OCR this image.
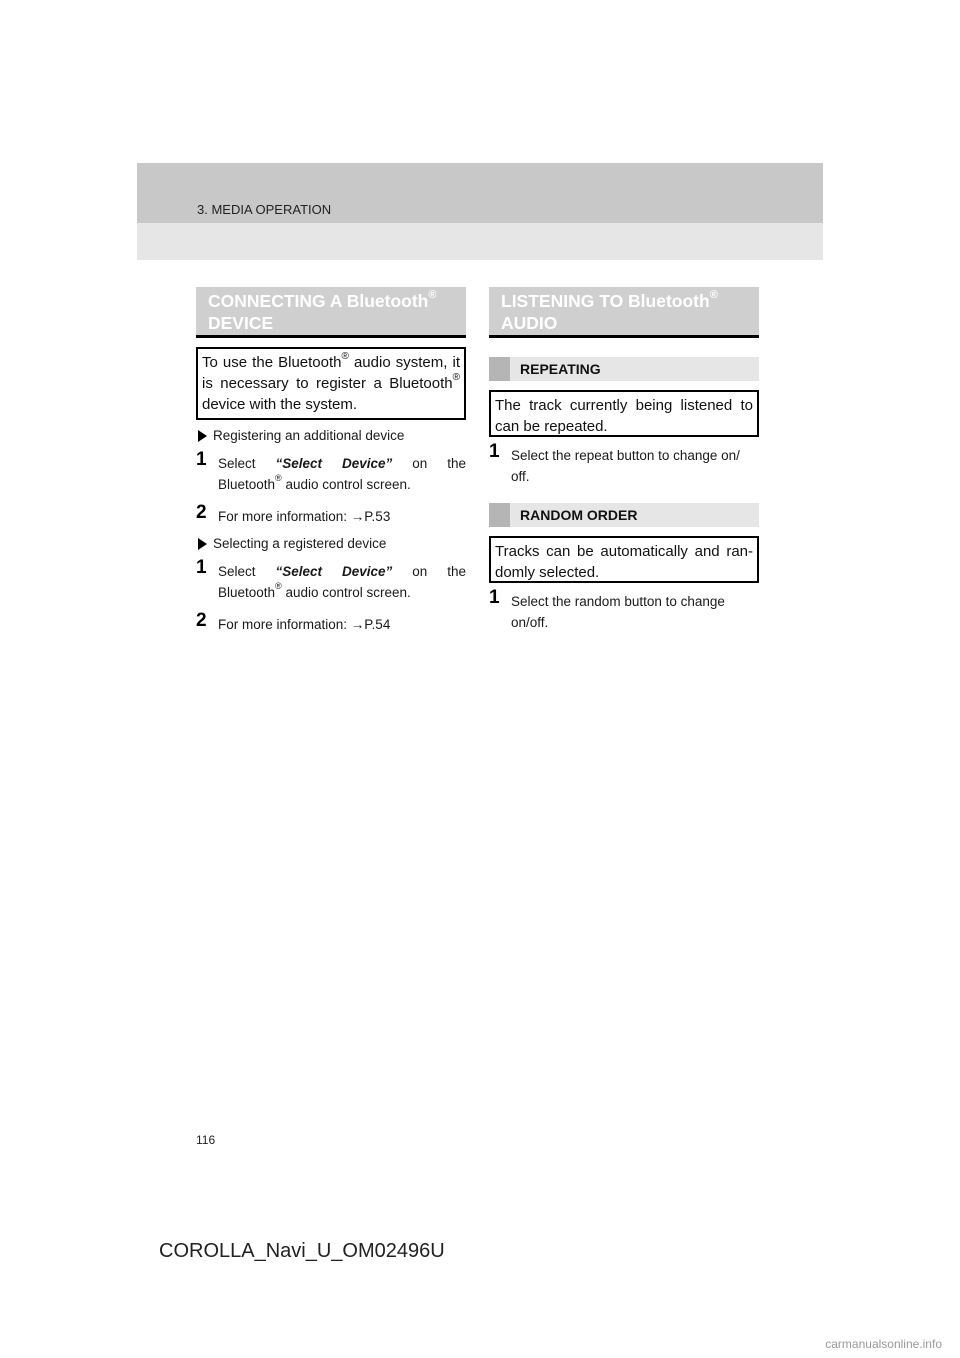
3. MEDIA OPERATION
CONNECTING A Bluetooth®
DEVICE
To use the Bluetooth® audio system, it is necessary to register a Bluetooth® device with the system.
Registering an additional device
1 Select “Select Device” on the
Bluetooth® audio control screen.
2 For more information: →P.53
Selecting a registered device
1 Select “Select Device” on the
Bluetooth® audio control screen.
2 For more information: →P.54
LISTENING TO Bluetooth®
AUDIO
REPEATING
The track currently being listened to can be repeated.
1 Select the repeat button to change on/ off.
RANDOM ORDER
Tracks can be automatically and ran- domly selected.
1 Select the random button to change on/off.
116
COROLLA_Navi_U_OM02496U
carmanualsonline.info
